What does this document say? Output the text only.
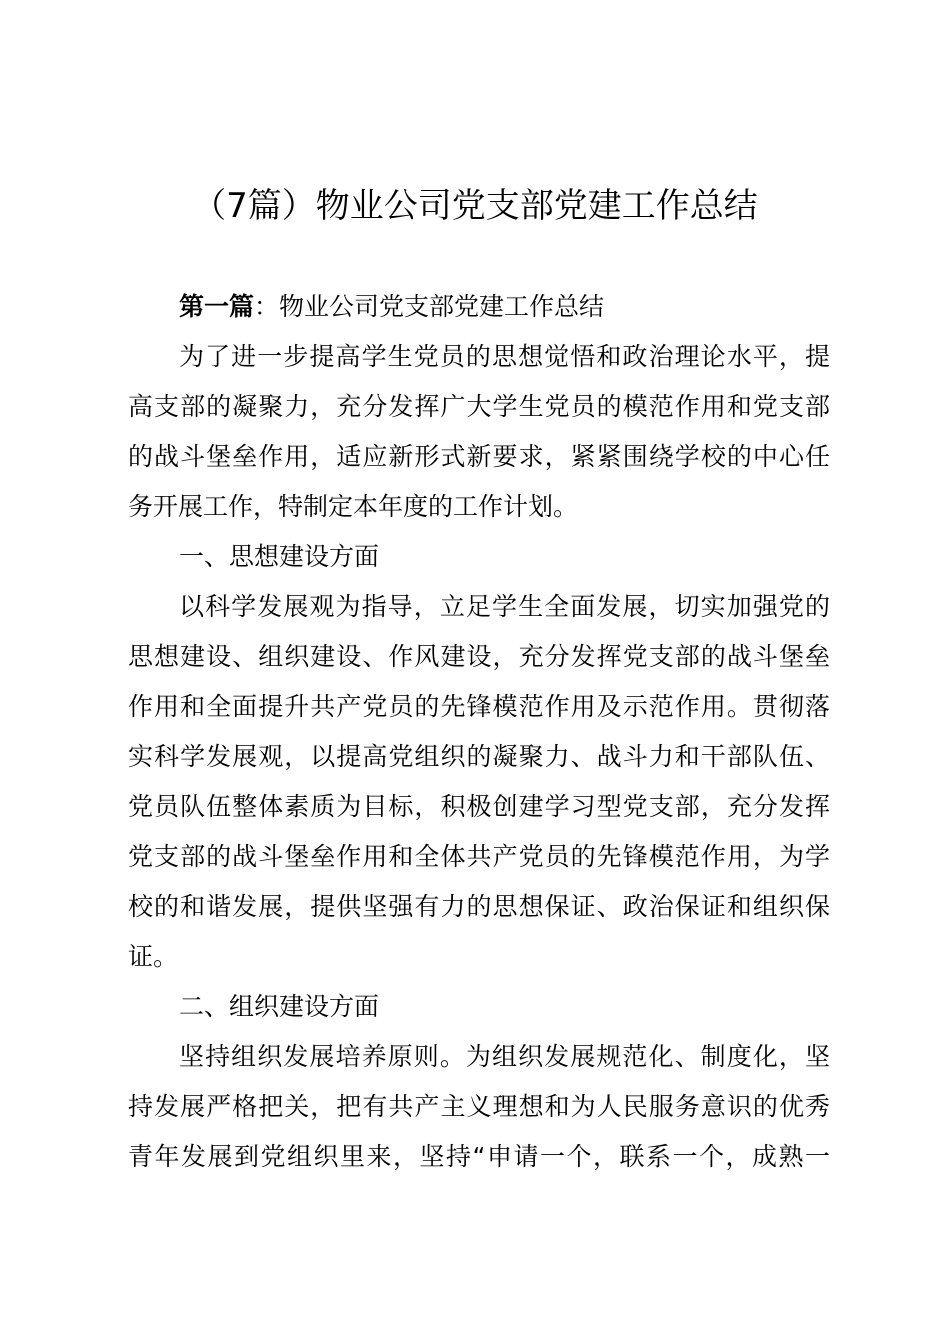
（7篇）物业公司党支部党建工作总结
第一篇：物业公司党支部党建工作总结
为了进一步提高学生党员的思想觉悟和政治理论水平，提
高支部的凝聚力，充分发挥广大学生党员的模范作用和党支部
的战斗堡垒作用，适应新形式新要求，紧紧围绕学校的中心任
务开展工作，特制定本年度的工作计划。
一、思想建设方面
以科学发展观为指导，立足学生全面发展，切实加强党的
思想建设、组织建设、作风建设，充分发挥党支部的战斗堡垒
作用和全面提升共产党员的先锋模范作用及示范作用。贯彻落
实科学发展观，以提高党组织的凝聚力、战斗力和干部队伍、
党员队伍整体素质为目标，积极创建学习型党支部，充分发挥
党支部的战斗堡垒作用和全体共产党员的先锋模范作用，为学
校的和谐发展，提供坚强有力的思想保证、政治保证和组织保
证。
二、组织建设方面
坚持组织发展培养原则。为组织发展规范化、制度化，坚
持发展严格把关，把有共产主义理想和为人民服务意识的优秀
青年发展到党组织里来，坚持“申请一个，联系一个，成熟一
